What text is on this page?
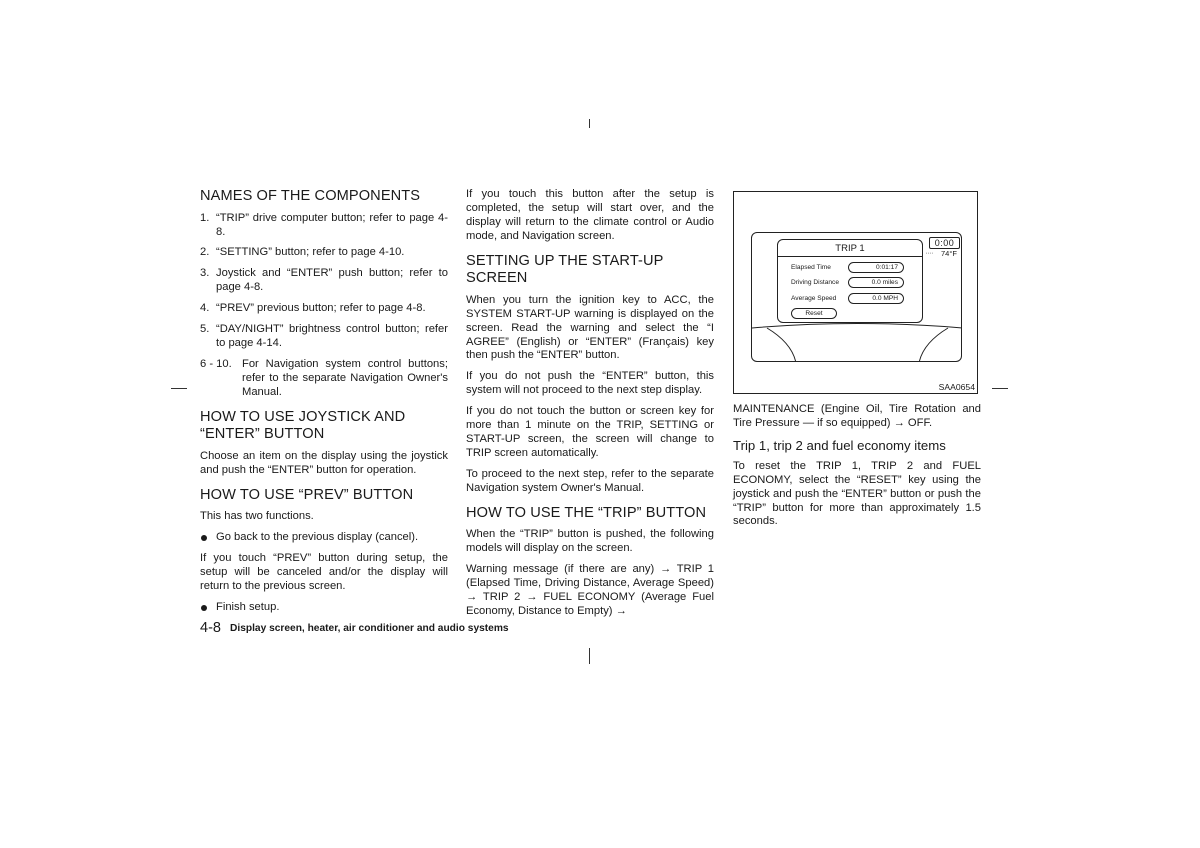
NAMES OF THE COMPONENTS
1. “TRIP” drive computer button; refer to page 4-8.
2. “SETTING” button; refer to page 4-10.
3. Joystick and “ENTER” push button; refer to page 4-8.
4. “PREV” previous button; refer to page 4-8.
5. “DAY/NIGHT” brightness control button; refer to page 4-14.
6 - 10. For Navigation system control buttons; refer to the separate Navigation Owner's Manual.
HOW TO USE JOYSTICK AND “ENTER” BUTTON
Choose an item on the display using the joystick and push the “ENTER” button for operation.
HOW TO USE “PREV” BUTTON
This has two functions.
Go back to the previous display (cancel).
If you touch “PREV” button during setup, the setup will be canceled and/or the display will return to the previous screen.
Finish setup.
If you touch this button after the setup is completed, the setup will start over, and the display will return to the climate control or Audio mode, and Navigation screen.
SETTING UP THE START-UP SCREEN
When you turn the ignition key to ACC, the SYSTEM START-UP warning is displayed on the screen. Read the warning and select the “I AGREE” (English) or “ENTER” (Français) key then push the “ENTER” button.
If you do not push the “ENTER” button, this system will not proceed to the next step display.
If you do not touch the button or screen key for more than 1 minute on the TRIP, SETTING or START-UP screen, the screen will change to TRIP screen automatically.
To proceed to the next step, refer to the separate Navigation system Owner's Manual.
HOW TO USE THE “TRIP” BUTTON
When the “TRIP” button is pushed, the following models will display on the screen.
Warning message (if there are any) → TRIP 1 (Elapsed Time, Driving Distance, Average Speed) → TRIP 2 → FUEL ECONOMY (Average Fuel Economy, Distance to Empty) →
TRIP 1
Elapsed Time	0:01:17
Driving Distance	0.0 miles
Average Speed	0.0 MPH
Reset
0:00
▪ ▪ ▪ ▪ 74°F
SAA0654
MAINTENANCE (Engine Oil, Tire Rotation and Tire Pressure — if so equipped) → OFF.
Trip 1, trip 2 and fuel economy items
To reset the TRIP 1, TRIP 2 and FUEL ECONOMY, select the “RESET” key using the joystick and push the “ENTER” button or push the “TRIP” button for more than approximately 1.5 seconds.
4-8 Display screen, heater, air conditioner and audio systems
